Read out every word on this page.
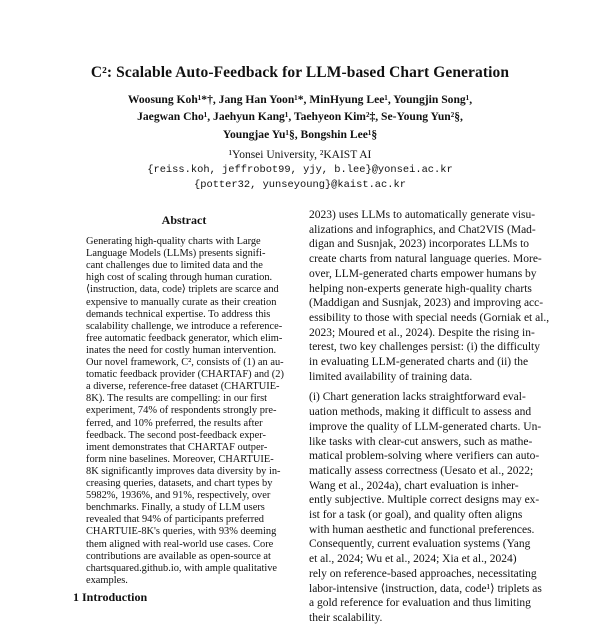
C²: Scalable Auto-Feedback for LLM-based Chart Generation
Woosung Koh¹*†, Jang Han Yoon¹*, MinHyung Lee¹, Youngjin Song¹,
Jaegwan Cho¹, Jaehyun Kang¹, Taehyeon Kim²‡, Se-Young Yun²§,
Youngjae Yu¹§, Bongshin Lee¹§
¹Yonsei University, ²KAIST AI
{reiss.koh, jeffrobot99, yjy, b.lee}@yonsei.ac.kr
{potter32, yunseyoung}@kaist.ac.kr
Abstract
Generating high-quality charts with Large
Language Models (LLMs) presents signifi-
cant challenges due to limited data and the
high cost of scaling through human curation.
⟨instruction, data, code⟩ triplets are scarce and
expensive to manually curate as their creation
demands technical expertise. To address this
scalability challenge, we introduce a reference-
free automatic feedback generator, which elim-
inates the need for costly human intervention.
Our novel framework, C², consists of (1) an au-
tomatic feedback provider (CHARTAF) and (2)
a diverse, reference-free dataset (CHARTUIE-
8K). The results are compelling: in our first
experiment, 74% of respondents strongly pre-
ferred, and 10% preferred, the results after
feedback. The second post-feedback exper-
iment demonstrates that CHARTAF outper-
form nine baselines. Moreover, CHARTUIE-
8K significantly improves data diversity by in-
creasing queries, datasets, and chart types by
5982%, 1936%, and 91%, respectively, over
benchmarks. Finally, a study of LLM users
revealed that 94% of participants preferred
CHARTUIE-8K's queries, with 93% deeming
them aligned with real-world use cases. Core
contributions are available as open-source at
chartsquared.github.io, with ample qualitative
examples.
2023) uses LLMs to automatically generate visu-
alizations and infographics, and Chat2VIS (Mad-
digan and Susnjak, 2023) incorporates LLMs to
create charts from natural language queries. More-
over, LLM-generated charts empower humans by
helping non-experts generate high-quality charts
(Maddigan and Susnjak, 2023) and improving acc-
essibility to those with special needs (Gorniak et al.,
2023; Moured et al., 2024). Despite the rising in-
terest, two key challenges persist: (i) the difficulty
in evaluating LLM-generated charts and (ii) the
limited availability of training data.
(i) Chart generation lacks straightforward eval-
uation methods, making it difficult to assess and
improve the quality of LLM-generated charts. Un-
like tasks with clear-cut answers, such as mathe-
matical problem-solving where verifiers can auto-
matically assess correctness (Uesato et al., 2022;
Wang et al., 2024a), chart evaluation is inher-
ently subjective. Multiple correct designs may ex-
ist for a task (or goal), and quality often aligns
with human aesthetic and functional preferences.
Consequently, current evaluation systems (Yang
et al., 2024; Wu et al., 2024; Xia et al., 2024)
rely on reference-based approaches, necessitating
labor-intensive ⟨instruction, data, code¹⟩ triplets as
a gold reference for evaluation and thus limiting
their scalability.
1 Introduction
